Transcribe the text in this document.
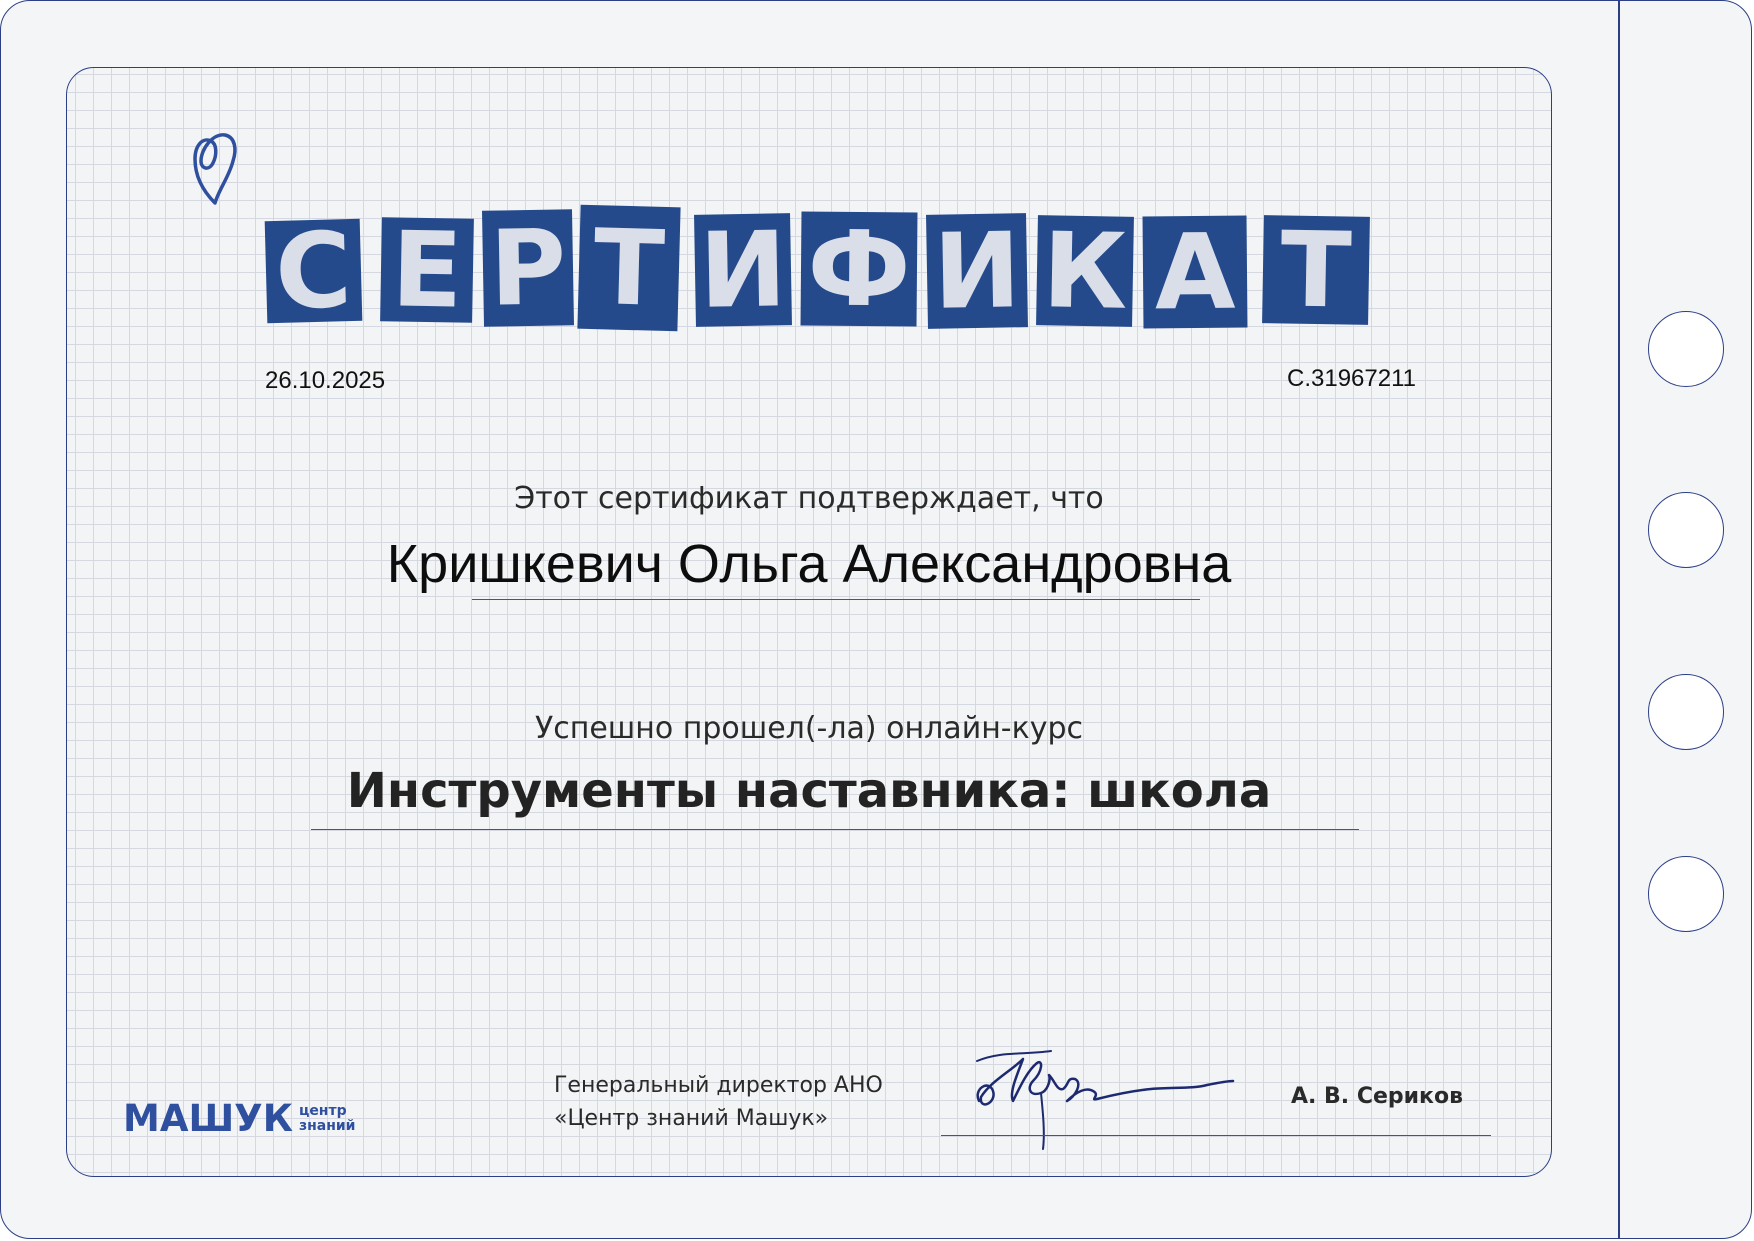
С Е Р Т И Ф И К А Т
26.10.2025	С.31967211
Этот сертификат подтверждает, что
Кришкевич Ольга Александровна
Успешно прошел(-ла) онлайн-курс
Инструменты наставника: школа
МАШУК центр знаний
Генеральный директор АНО
«Центр знаний Машук»
А. В. Сериков
